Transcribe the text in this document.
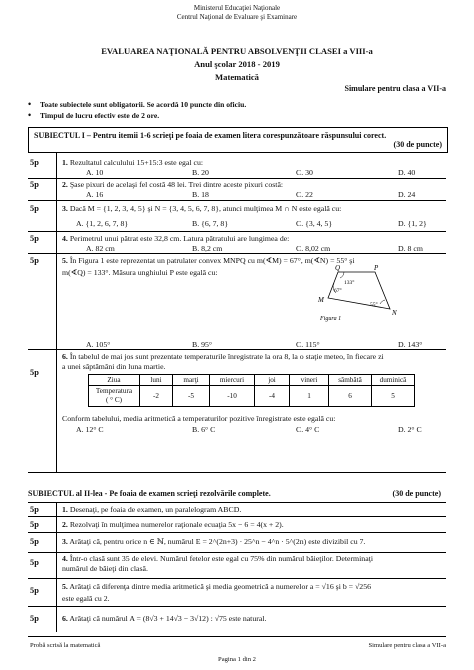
Ministerul Educaţiei Naţionale
Centrul Naţional de Evaluare şi Examinare
EVALUAREA NAŢIONALĂ PENTRU ABSOLVENŢII CLASEI a VIII-a
Anul şcolar 2018 - 2019
Matematică
Simulare pentru clasa a VII-a
• Toate subiectele sunt obligatorii. Se acordă 10 puncte din oficiu.
• Timpul de lucru efectiv este de 2 ore.
SUBIECTUL I – Pentru itemii 1-6 scrieţi pe foaia de examen litera corespunzătoare răspunsului corect.
(30 de puncte)
5p	1. Rezultatul calculului 15+15:3 este egal cu:
A. 10	B. 20	C. 30	D. 40
5p	2. Şase pixuri de acelaşi fel costă 48 lei. Trei dintre aceste pixuri costă:
A. 16	B. 18	C. 22	D. 24
5p	3. Dacă M = {1, 2, 3, 4, 5} şi N = {3, 4, 5, 6, 7, 8}, atunci mulţimea M ∩ N este egală cu:
A. {1, 2, 6, 7, 8}	B. {6, 7, 8}	C. {3, 4, 5}	D. {1, 2}
5p	4. Perimetrul unui pătrat este 32,8 cm. Latura pătratului are lungimea de:
A. 82 cm	B. 8,2 cm	C. 8,02 cm	D. 8 cm
5p	5. În Figura 1 este reprezentat un patrulater convex MNPQ cu m(∢M) = 67°, m(∢N) = 55° şi
m(∢Q) = 133°. Măsura unghiului P este egală cu:	Q	P
M
N
133°
67°
55°
Figura 1
A. 105°	B. 95°	C. 115°	D. 143°
5p
6. În tabelul de mai jos sunt prezentate temperaturile înregistrate la ora 8, la o staţie meteo, în fiecare zi
a unei săptămâni din luna martie.
Ziua	luni	marţi	miercuri	joi	vineri	sâmbătă	duminică
Temperatura
( ° C)	-2	-5	-10	-4	1	6	5
Conform tabelului, media aritmetică a temperaturilor pozitive înregistrate este egală cu:
A. 12° C	B. 6° C	C. 4° C	D. 2° C
SUBIECTUL al II-lea - Pe foaia de examen scrieţi rezolvările complete.	(30 de puncte)
5p	1. Desenaţi, pe foaia de examen, un paralelogram ABCD.
5p	2. Rezolvaţi în mulţimea numerelor raţionale ecuaţia 5x − 6 = 4(x + 2).
5p	3. Arătaţi că, pentru orice n ∈ ℕ, numărul E = 2^(2n+3) · 25^n − 4^n · 5^(2n) este divizibil cu 7.
5p	4. Într-o clasă sunt 35 de elevi. Numărul fetelor este egal cu 75% din numărul băieţilor. Determinaţi
numărul de băieţi din clasă.
5p	5. Arătaţi că diferenţa dintre media aritmetică şi media geometrică a numerelor a = √16 şi b = √256
este egală cu 2.
5p	6. Arătaţi că numărul A = (8√3 + 14√3 − 3√12) : √75 este natural.
Probă scrisă la matematică	Simulare pentru clasa a VII-a
Pagina 1 din 2
